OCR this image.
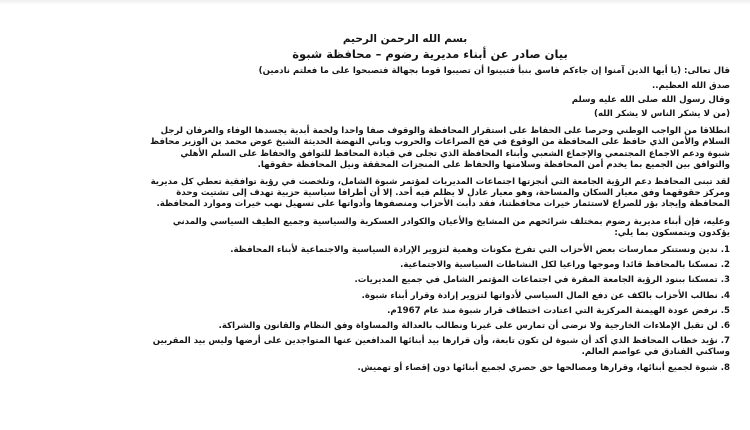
بسم الله الرحمن الرحيم
بيان صادر عن أبناء مديرية رضوم – محافظة شبوة
قال تعالى: (يا أيها الذين آمنوا إن جاءكم فاسق بنبأ فتبينوا أن تصيبوا قوما بجهالة فتصبحوا على ما فعلتم نادمين)
صدق الله العظيم..
وقال رسول الله صلى الله عليه وسلم
(من لا يشكر الناس لا يشكر الله)
انطلاقا من الواجب الوطني وحرصا على الحفاظ على استقرار المحافظة والوقوف صفا واحدا ولحمة أبدية يجسدها الوفاء والعرفان لرجل السلام والأمن الذي حافظ على المحافظة من الوقوع في فخ الصراعات والحروب وباني النهضة الحديثة الشيخ عوض محمد بن الوزير محافظ شبوة ودعم الاجماع المجتمعي والإجماع الشعبي وأبناء المحافظة الذي تجلى في قيادة المحافظ للتوافق والحفاظ على السلم الأهلي والتوافق بين الجميع بما يخدم أمن المحافظة وسلامتها والحفاظ على المنجزات المحققة ونيل المحافظة حقوقها.
لقد تبنى المحافظ دعم الرؤية الجامعة التي أنجزتها اجتماعات المديريات لمؤتمر شبوة الشامل، وتلخصت في رؤية توافقية تعطي كل مديرية ومركز حقوقهما وفق معيار السكان والمساحة، وهو معيار عادل لا يظلم فيه أحد. إلا أن أطرافا سياسية حزبية تهدف إلى تشتيت وحدة المحافظة وإيجاد بؤر للصراع لاستثمار خيرات محافظتنا، فقد دأبت الأحزاب ومنصفوها وأدواتها على تسهيل نهب خيرات وموارد المحافظة.
وعليه، فإن أبناء مديرية رضوم بمختلف شرائحهم من المشايخ والأعيان والكوادر العسكرية والسياسية وجميع الطيف السياسي والمدني يؤكدون ويتمسكون بما يلي:
1.ندين ونستنكر ممارسات بعض الأحزاب التي تفرخ مكونات وهمية لتزوير الإرادة السياسية والاجتماعية لأبناء المحافظة.
2.تمسكنا بالمحافظ قائدا وموجها وراعيا لكل النشاطات السياسية والاجتماعية.
3.تمسكنا ببنود الرؤية الجامعة المقرة في اجتماعات المؤتمر الشامل في جميع المديريات.
4.نطالب الأحزاب بالكف عن دفع المال السياسي لأدواتها لتزوير إرادة وقرار أبناء شبوة.
5.نرفض عودة الهيمنة المركزية التي اعتادت اختطاف قرار شبوة منذ عام 1967م.
6.لن تقبل الإملاءات الخارجية ولا نرضى أن تمارس على غيرنا ونطالب بالعدالة والمساواة وفق النظام والقانون والشراكة.
7.نؤيد خطاب المحافظ الذي أكد أن شبوة لن تكون تابعة، وأن قرارها بيد أبنائها المدافعين عنها المتواجدين على أرضها وليس بيد المقربين وساكني الفنادق في عواصم العالم.
8.شبوة لجميع أبنائها، وقرارها ومصالحها حق حصري لجميع أبنائها دون إقصاء أو تهميش.
